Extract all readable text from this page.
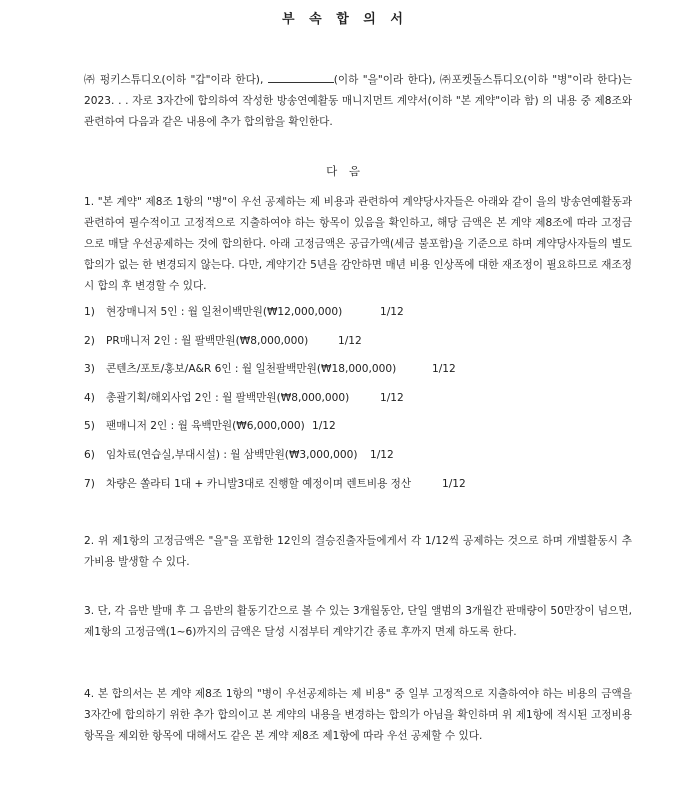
부 속 합 의 서
㈜ 펑키스튜디오(이하 "갑"이라 한다),	(이하 "을"이라 한다), ㈜포켓돌스튜디오(이하 "병"이라 한다)는 2023. . . 자로 3자간에 합의하여 작성한 방송연예활동 매니지먼트 계약서(이하 "본 계약"이라 함) 의 내용 중 제8조와 관련하여 다음과 같은 내용에 추가 합의함을 확인한다.
다 음
1. "본 계약" 제8조 1항의 "병"이 우선 공제하는 제 비용과 관련하여 계약당사자들은 아래와 같이 을의 방송연예활동과 관련하여 필수적이고 고정적으로 지출하여야 하는 항목이 있음을 확인하고, 해당 금액은 본 계약 제8조에 따라 고정금으로 매달 우선공제하는 것에 합의한다. 아래 고정금액은 공급가액(세금 불포함)을 기준으로 하며 계약당사자들의 별도 합의가 없는 한 변경되지 않는다. 다만, 계약기간 5년을 감안하면 매년 비용 인상폭에 대한 재조정이 필요하므로 재조정시 합의 후 변경할 수 있다.
1) 현장매니저 5인 : 월 일천이백만원(₩12,000,000)	1/12
2) PR매니저 2인 : 월 팔백만원(₩8,000,000)	1/12
3) 콘텐츠/포토/홍보/A&R 6인 : 월 일천팔백만원(₩18,000,000)	1/12
4) 총괄기획/해외사업 2인 : 월 팔백만원(₩8,000,000)	1/12
5) 팬매니저 2인 : 월 육백만원(₩6,000,000) 1/12
6) 임차료(연습실,부대시설) : 월 삼백만원(₩3,000,000) 1/12
7) 차량은 쏠라티 1대 + 카니발3대로 진행할 예정이며 렌트비용 정산	1/12
2. 위 제1항의 고정금액은 "을"을 포함한 12인의 결승진출자들에게서 각 1/12씩 공제하는 것으로 하며 개별활동시 추가비용 발생할 수 있다.
3. 단, 각 음반 발매 후 그 음반의 활동기간으로 볼 수 있는 3개월동안, 단일 앨범의 3개월간 판매량이 50만장이 넘으면, 제1항의 고정금액(1~6)까지의 금액은 달성 시점부터 계약기간 종료 후까지 면제 하도록 한다.
4. 본 합의서는 본 계약 제8조 1항의 "병이 우선공제하는 제 비용" 중 일부 고정적으로 지출하여야 하는 비용의 금액을 3자간에 합의하기 위한 추가 합의이고 본 계약의 내용을 변경하는 합의가 아님을 확인하며 위 제1항에 적시된 고정비용항목을 제외한 항목에 대해서도 같은 본 계약 제8조 제1항에 따라 우선 공제할 수 있다.
